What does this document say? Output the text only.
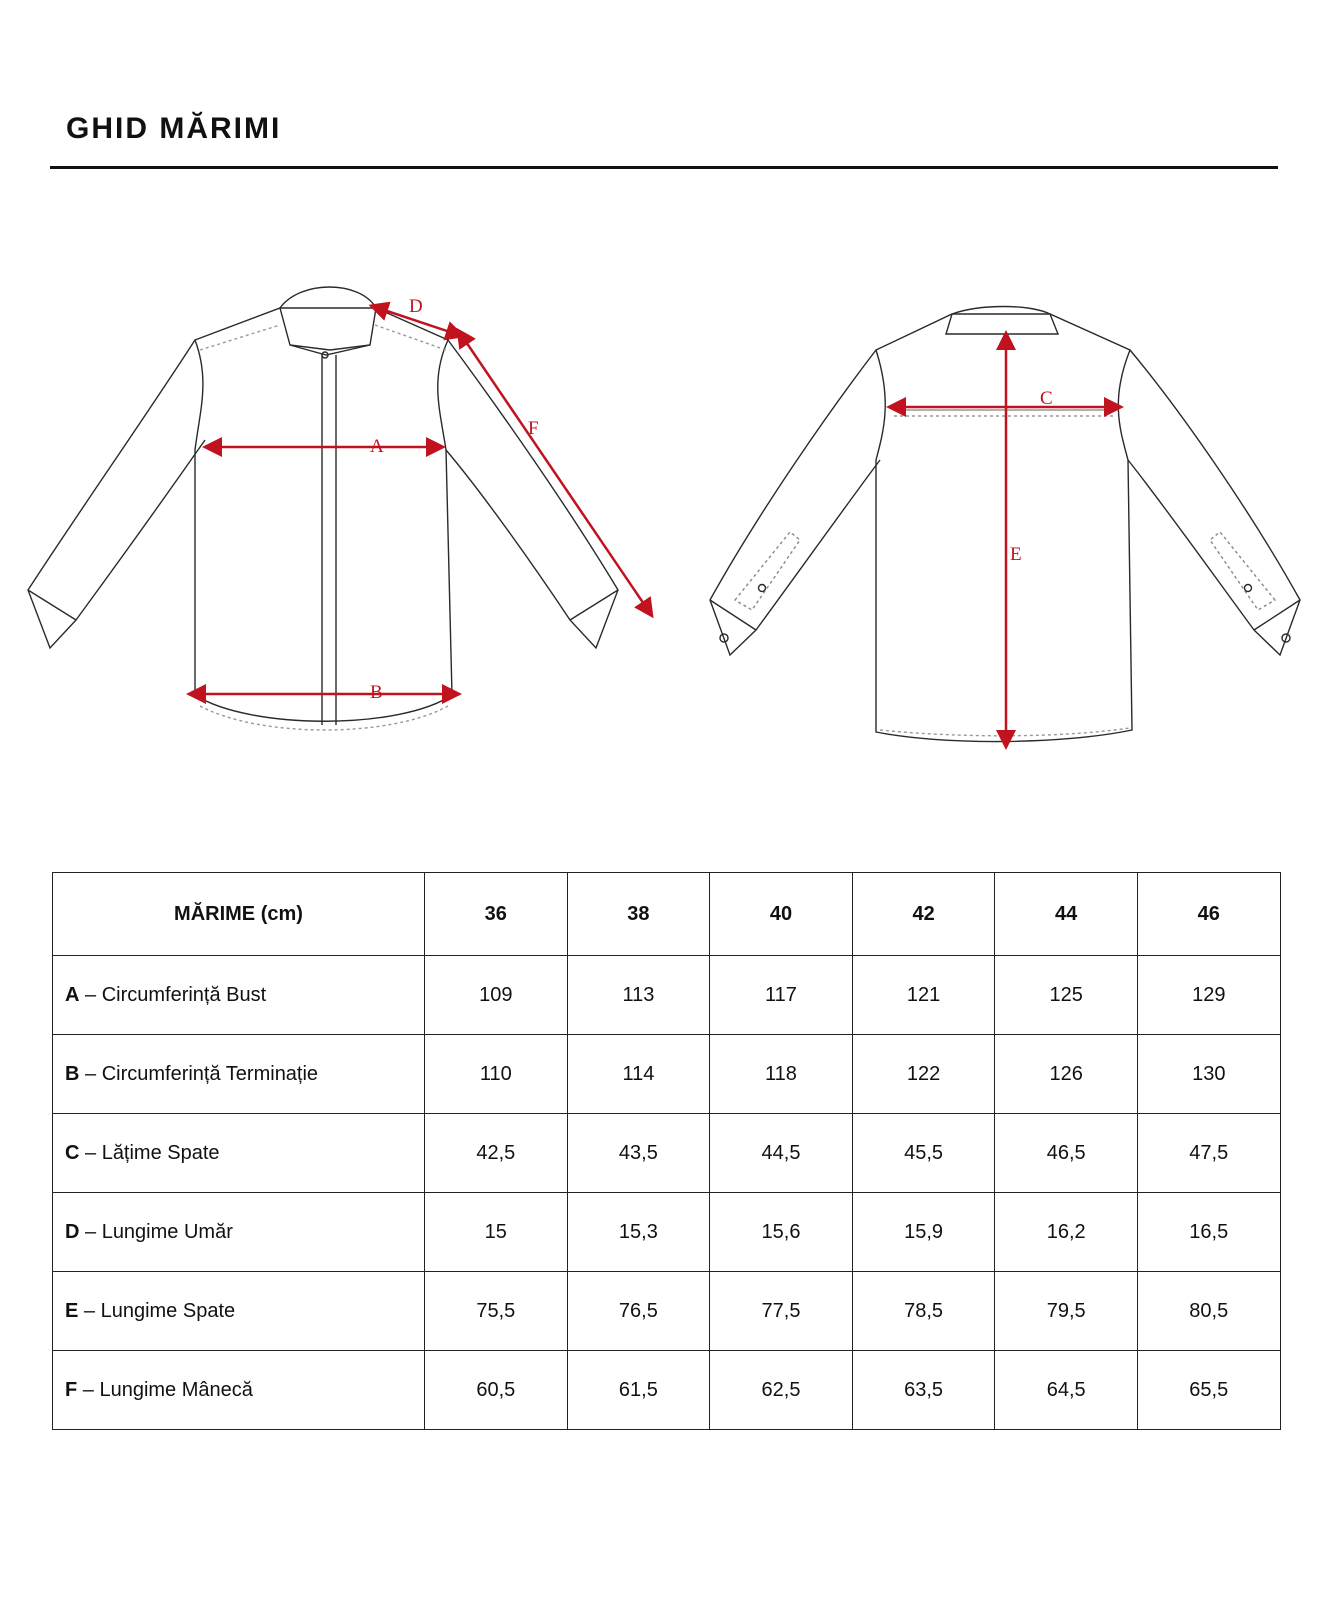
GHID MĂRIMI
A
B
D
F
C
E
MĂRIME (cm)	36	38	40	42	44	46
A – Circumferință Bust	109	113	117	121	125	129
B – Circumferință Terminație	110	114	118	122	126	130
C – Lățime Spate	42,5	43,5	44,5	45,5	46,5	47,5
D – Lungime Umăr	15	15,3	15,6	15,9	16,2	16,5
E – Lungime Spate	75,5	76,5	77,5	78,5	79,5	80,5
F – Lungime Mânecă	60,5	61,5	62,5	63,5	64,5	65,5
